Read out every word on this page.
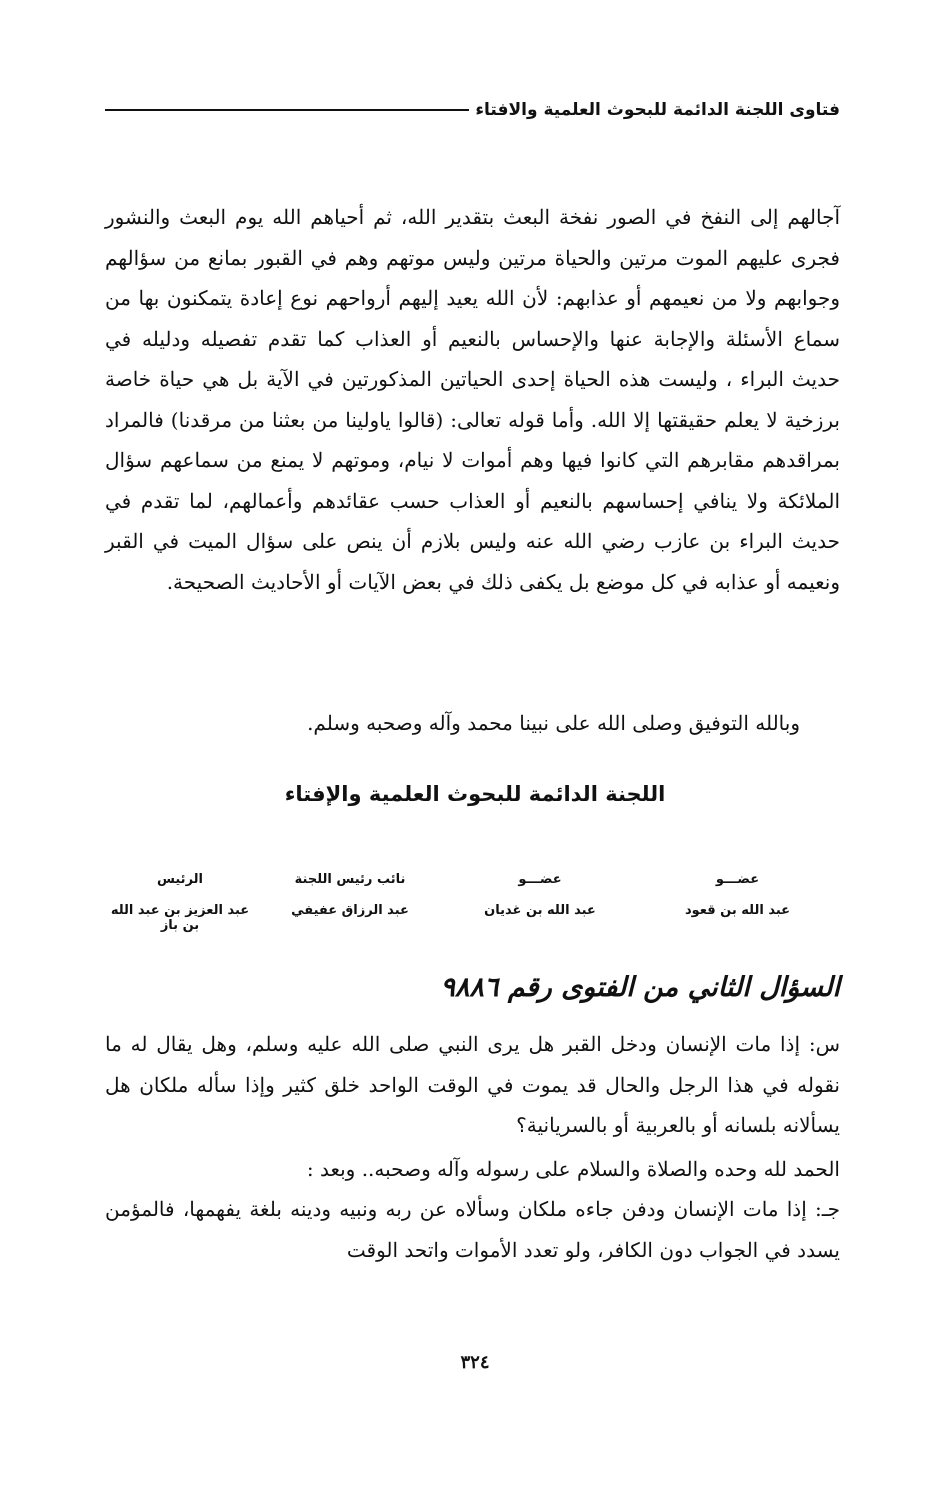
فتاوى اللجنة الدائمة للبحوث العلمية والافتاء
آجالهم إلى النفخ في الصور نفخة البعث بتقدير الله، ثم أحياهم الله يوم البعث والنشور فجرى عليهم الموت مرتين والحياة مرتين وليس موتهم وهم في القبور بمانع من سؤالهم وجوابهم ولا من نعيمهم أو عذابهم: لأن الله يعيد إليهم أرواحهم نوع إعادة يتمكنون بها من سماع الأسئلة والإجابة عنها والإحساس بالنعيم أو العذاب كما تقدم تفصيله ودليله في حديث البراء ، وليست هذه الحياة إحدى الحياتين المذكورتين في الآية بل هي حياة خاصة برزخية لا يعلم حقيقتها إلا الله. وأما قوله تعالى: (قالوا ياولينا من بعثنا من مرقدنا) فالمراد بمراقدهم مقابرهم التي كانوا فيها وهم أموات لا نيام، وموتهم لا يمنع من سماعهم سؤال الملائكة ولا ينافي إحساسهم بالنعيم أو العذاب حسب عقائدهم وأعمالهم، لما تقدم في حديث البراء بن عازب رضي الله عنه وليس بلازم أن ينص على سؤال الميت في القبر ونعيمه أو عذابه في كل موضع بل يكفى ذلك في بعض الآيات أو الأحاديث الصحيحة.
وبالله التوفيق وصلى الله على نبينا محمد وآله وصحبه وسلم.
اللجنة الدائمة للبحوث العلمية والإفتاء
عضـــو
عضـــو
نائب رئيس اللجنة
الرئيس
عبد الله بن قعود
عبد الله بن غديان
عبد الرزاق عفيفي
عبد العزيز بن عبد الله بن باز
السؤال الثاني من الفتوى رقم ٩٨٨٦
س: إذا مات الإنسان ودخل القبر هل يرى النبي صلى الله عليه وسلم، وهل يقال له ما نقوله في هذا الرجل والحال قد يموت في الوقت الواحد خلق كثير وإذا سأله ملكان هل يسألانه بلسانه أو بالعربية أو بالسريانية؟
الحمد لله وحده والصلاة والسلام على رسوله وآله وصحبه.. وبعد :
جـ: إذا مات الإنسان ودفن جاءه ملكان وسألاه عن ربه ونبيه ودينه بلغة يفهمها، فالمؤمن يسدد في الجواب دون الكافر، ولو تعدد الأموات واتحد الوقت
٣٢٤
